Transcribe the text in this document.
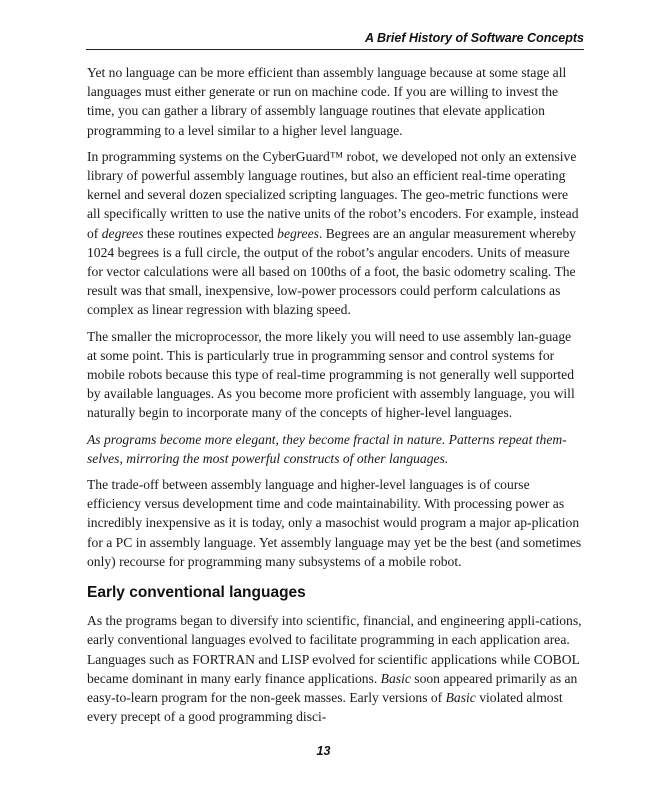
A Brief History of Software Concepts

Yet no language can be more efficient than assembly language because at some stage all languages must either generate or run on machine code. If you are willing to invest the time, you can gather a library of assembly language routines that elevate application programming to a level similar to a higher level language.

In programming systems on the CyberGuard™ robot, we developed not only an extensive library of powerful assembly language routines, but also an efficient real-time operating kernel and several dozen specialized scripting languages. The geo-metric functions were all specifically written to use the native units of the robot’s encoders. For example, instead of degrees these routines expected begrees. Begrees are an angular measurement whereby 1024 begrees is a full circle, the output of the robot’s angular encoders. Units of measure for vector calculations were all based on 100ths of a foot, the basic odometry scaling. The result was that small, inexpensive, low-power processors could perform calculations as complex as linear regression with blazing speed.

The smaller the microprocessor, the more likely you will need to use assembly lan-guage at some point. This is particularly true in programming sensor and control systems for mobile robots because this type of real-time programming is not generally well supported by available languages. As you become more proficient with assembly language, you will naturally begin to incorporate many of the concepts of higher-level languages.

As programs become more elegant, they become fractal in nature. Patterns repeat them-selves, mirroring the most powerful constructs of other languages.

The trade-off between assembly language and higher-level languages is of course efficiency versus development time and code maintainability. With processing power as incredibly inexpensive as it is today, only a masochist would program a major ap-plication for a PC in assembly language. Yet assembly language may yet be the best (and sometimes only) recourse for programming many subsystems of a mobile robot.

Early conventional languages

As the programs began to diversify into scientific, financial, and engineering appli-cations, early conventional languages evolved to facilitate programming in each application area. Languages such as FORTRAN and LISP evolved for scientific applications while COBOL became dominant in many early finance applications. Basic soon appeared primarily as an easy-to-learn program for the non-geek masses. Early versions of Basic violated almost every precept of a good programming disci-

13
